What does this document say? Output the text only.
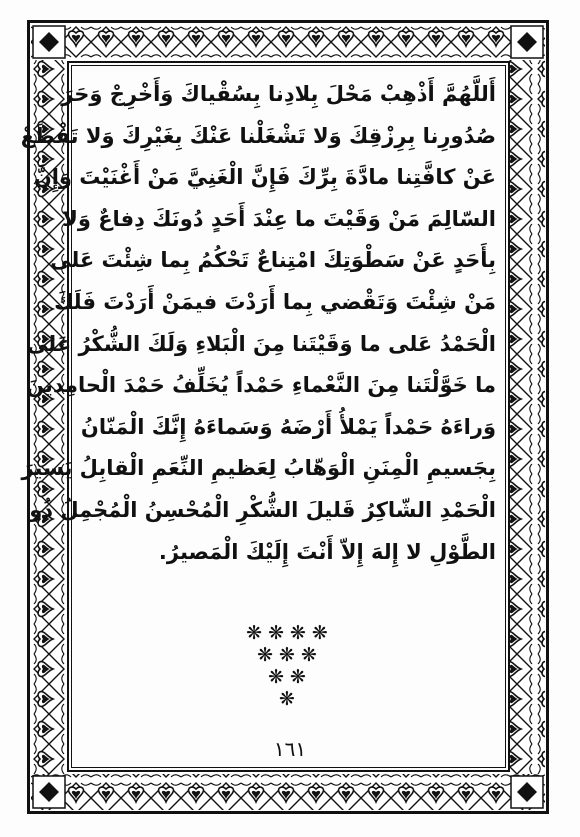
أَللَّهُمَّ أَذْهِبْ مَحْلَ بِلادِنا بِسُقْياكَ وَأَخْرِجْ وَحَرَ
صُدُورِنا بِرِزْقِكَ وَلا تَشْغَلْنا عَنْكَ بِغَيْرِكَ وَلا تَقْطَعْ
عَنْ كافَّتِنا مادَّةَ بِرِّكَ فَإِنَّ الْغَنِيَّ مَنْ أَغْنَيْتَ وَإِنَّ
السّالِمَ مَنْ وَقَيْتَ ما عِنْدَ أَحَدٍ دُونَكَ دِفاعٌ وَلا
بِأَحَدٍ عَنْ سَطْوَتِكَ امْتِناعٌ تَحْكُمُ بِما شِئْتَ عَلى
مَنْ شِئْتَ وَتَقْضي بِما أَرَدْتَ فيمَنْ أَرَدْتَ فَلَكَ
الْحَمْدُ عَلى ما وَقَيْتَنا مِنَ الْبَلاءِ وَلَكَ الشُّكْرُ عَلى
ما خَوَّلْتَنا مِنَ النَّعْماءِ حَمْداً يُخَلِّفُ حَمْدَ الْحامِدينَ
وَراءَهُ حَمْداً يَمْلأُ أَرْضَهُ وَسَماءَهُ إِنَّكَ الْمَنّانُ
بِجَسيمِ الْمِنَنِ الْوَهّابُ لِعَظيمِ النِّعَمِ الْقابِلُ يَسيرَ
الْحَمْدِ الشّاكِرُ قَليلَ الشُّكْرِ الْمُحْسِنُ الْمُجْمِلُ ذُو
الطَّوْلِ لا إِلهَ إِلاّ أَنْتَ إِلَيْكَ الْمَصيرُ.
❋❋❋❋
❋❋❋
❋❋
❋
١٦١
